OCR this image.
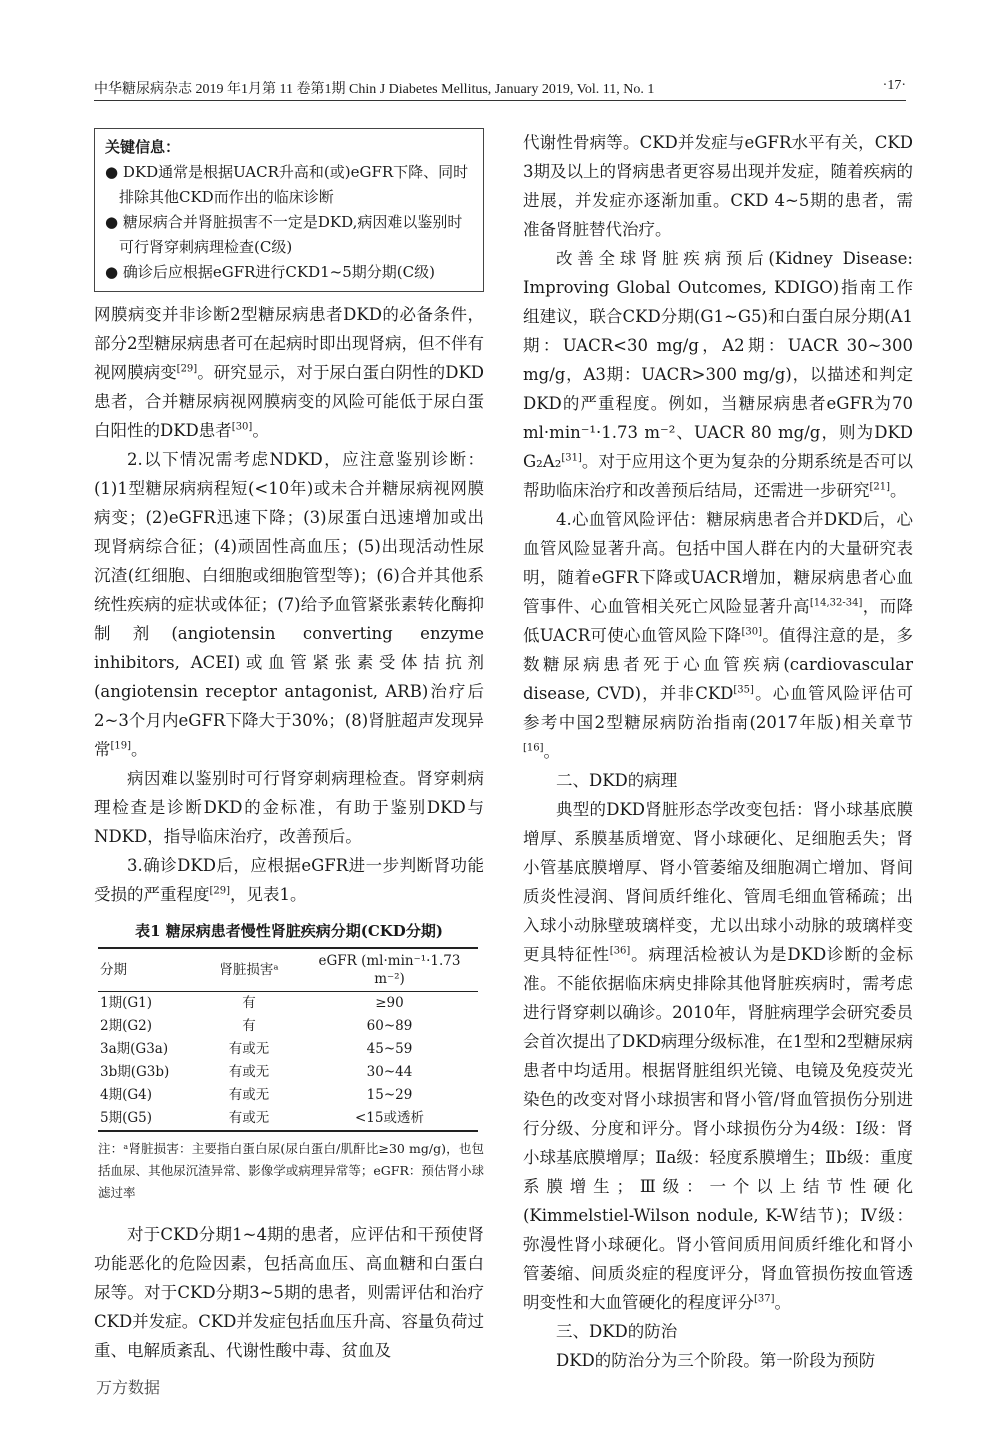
中华糖尿病杂志 2019 年1月第 11 卷第1期 Chin J Diabetes Mellitus, January 2019, Vol. 11, No. 1	·17·
关键信息：
● DKD通常是根据UACR升高和(或)eGFR下降、同时排除其他CKD而作出的临床诊断
● 糖尿病合并肾脏损害不一定是DKD,病因难以鉴别时可行肾穿刺病理检查(C级)
● 确诊后应根据eGFR进行CKD1~5期分期(C级)

网膜病变并非诊断2型糖尿病患者DKD的必备条件，部分2型糖尿病患者可在起病时即出现肾病，但不伴有视网膜病变[29]。研究显示，对于尿白蛋白阴性的DKD患者，合并糖尿病视网膜病变的风险可能低于尿白蛋白阳性的DKD患者[30]。

2.以下情况需考虑NDKD，应注意鉴别诊断：(1)1型糖尿病病程短(<10年)或未合并糖尿病视网膜病变；(2)eGFR迅速下降；(3)尿蛋白迅速增加或出现肾病综合征；(4)顽固性高血压；(5)出现活动性尿沉渣(红细胞、白细胞或细胞管型等)；(6)合并其他系统性疾病的症状或体征；(7)给予血管紧张素转化酶抑制剂(angiotensin converting enzyme inhibitors, ACEI)或血管紧张素受体拮抗剂(angiotensin receptor antagonist, ARB)治疗后2~3个月内eGFR下降大于30%；(8)肾脏超声发现异常[19]。

病因难以鉴别时可行肾穿刺病理检查。肾穿刺病理检查是诊断DKD的金标准，有助于鉴别DKD与NDKD，指导临床治疗，改善预后。

3.确诊DKD后，应根据eGFR进一步判断肾功能受损的严重程度[29]，见表1。

表1 糖尿病患者慢性肾脏疾病分期(CKD分期)
分期	肾脏损害ᵃ	eGFR (ml·min⁻¹·1.73 m⁻²)
1期(G1)	有	≥90
2期(G2)	有	60~89
3a期(G3a)	有或无	45~59
3b期(G3b)	有或无	30~44
4期(G4)	有或无	15~29
5期(G5)	有或无	<15或透析
注：ᵃ肾脏损害：主要指白蛋白尿(尿白蛋白/肌酐比≥30 mg/g)，也包括血尿、其他尿沉渣异常、影像学或病理异常等；eGFR：预估肾小球滤过率

对于CKD分期1~4期的患者，应评估和干预使肾功能恶化的危险因素，包括高血压、高血糖和白蛋白尿等。对于CKD分期3~5期的患者，则需评估和治疗CKD并发症。CKD并发症包括血压升高、容量负荷过重、电解质紊乱、代谢性酸中毒、贫血及

代谢性骨病等。CKD并发症与eGFR水平有关，CKD 3期及以上的肾病患者更容易出现并发症，随着疾病的进展，并发症亦逐渐加重。CKD 4~5期的患者，需准备肾脏替代治疗。

改善全球肾脏疾病预后(Kidney Disease: Improving Global Outcomes, KDIGO)指南工作组建议，联合CKD分期(G1~G5)和白蛋白尿分期(A1期：UACR<30 mg/g，A2期：UACR 30~300 mg/g，A3期：UACR>300 mg/g)，以描述和判定DKD的严重程度。例如，当糖尿病患者eGFR为70 ml·min⁻¹·1.73 m⁻²、UACR 80 mg/g，则为DKD G₂A₂[31]。对于应用这个更为复杂的分期系统是否可以帮助临床治疗和改善预后结局，还需进一步研究[21]。

4.心血管风险评估：糖尿病患者合并DKD后，心血管风险显著升高。包括中国人群在内的大量研究表明，随着eGFR下降或UACR增加，糖尿病患者心血管事件、心血管相关死亡风险显著升高[14,32-34]，而降低UACR可使心血管风险下降[30]。值得注意的是，多数糖尿病患者死于心血管疾病(cardiovascular disease, CVD)，并非CKD[35]。心血管风险评估可参考中国2型糖尿病防治指南(2017年版)相关章节[16]。

二、DKD的病理

典型的DKD肾脏形态学改变包括：肾小球基底膜增厚、系膜基质增宽、肾小球硬化、足细胞丢失；肾小管基底膜增厚、肾小管萎缩及细胞凋亡增加、肾间质炎性浸润、肾间质纤维化、管周毛细血管稀疏；出入球小动脉壁玻璃样变，尤以出球小动脉的玻璃样变更具特征性[36]。病理活检被认为是DKD诊断的金标准。不能依据临床病史排除其他肾脏疾病时，需考虑进行肾穿刺以确诊。2010年，肾脏病理学会研究委员会首次提出了DKD病理分级标准，在1型和2型糖尿病患者中均适用。根据肾脏组织光镜、电镜及免疫荧光染色的改变对肾小球损害和肾小管/肾血管损伤分别进行分级、分度和评分。肾小球损伤分为4级：Ⅰ级：肾小球基底膜增厚；Ⅱa级：轻度系膜增生；Ⅱb级：重度系膜增生；Ⅲ级：一个以上结节性硬化(Kimmelstiel-Wilson nodule, K-W结节)；Ⅳ级：弥漫性肾小球硬化。肾小管间质用间质纤维化和肾小管萎缩、间质炎症的程度评分，肾血管损伤按血管透明变性和大血管硬化的程度评分[37]。

三、DKD的防治

DKD的防治分为三个阶段。第一阶段为预防

万方数据
